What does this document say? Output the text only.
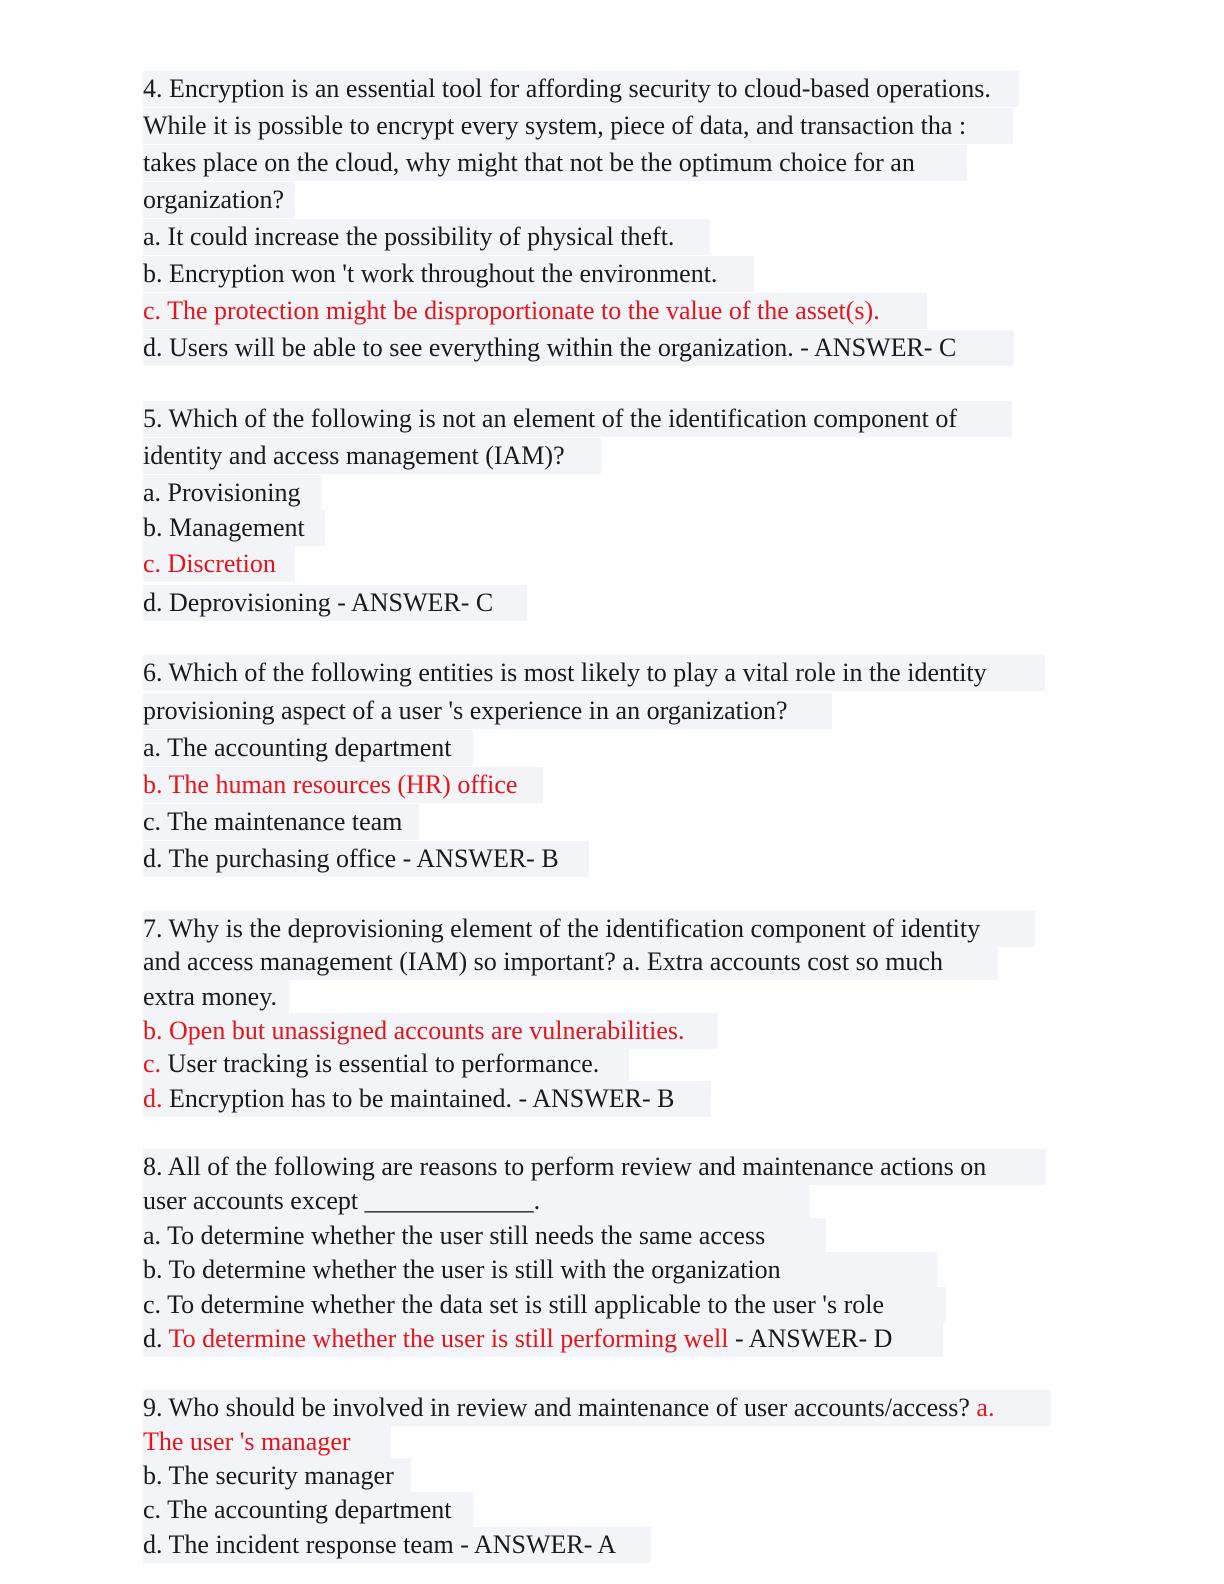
4. Encryption is an essential tool for affording security to cloud-based operations.
While it is possible to encrypt every system, piece of data, and transaction tha :
takes place on the cloud, why might that not be the optimum choice for an
organization?
a. It could increase the possibility of physical theft.
b. Encryption won 't work throughout the environment.
c. The protection might be disproportionate to the value of the asset(s).
d. Users will be able to see everything within the organization. - ANSWER- C
5. Which of the following is not an element of the identification component of
identity and access management (IAM)?
a. Provisioning
b. Management
c. Discretion
d. Deprovisioning - ANSWER- C
6. Which of the following entities is most likely to play a vital role in the identity
provisioning aspect of a user 's experience in an organization?
a. The accounting department
b. The human resources (HR) office
c. The maintenance team
d. The purchasing office - ANSWER- B
7. Why is the deprovisioning element of the identification component of identity
and access management (IAM) so important? a. Extra accounts cost so much
extra money.
b. Open but unassigned accounts are vulnerabilities.
c. User tracking is essential to performance.
d. Encryption has to be maintained. - ANSWER- B
8. All of the following are reasons to perform review and maintenance actions on
user accounts except _____________.
a. To determine whether the user still needs the same access
b. To determine whether the user is still with the organization
c. To determine whether the data set is still applicable to the user 's role
d. To determine whether the user is still performing well - ANSWER- D
9. Who should be involved in review and maintenance of user accounts/access? a.
The user 's manager
b. The security manager
c. The accounting department
d. The incident response team - ANSWER- A
